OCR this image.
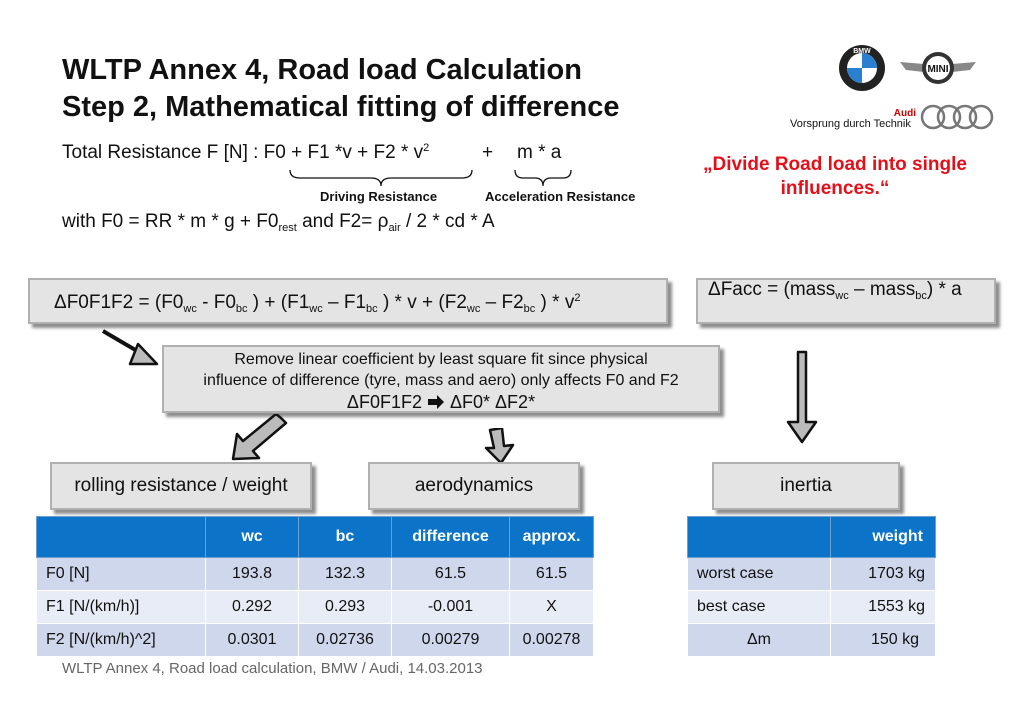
WLTP Annex 4, Road load Calculation
Step 2, Mathematical fitting of difference
BMW
MINI
Audi
Vorsprung durch Technik
Total Resistance F [N] : F0 + F1 $*v + F2 * v^2$	+ m * a
Driving Resistance	Acceleration Resistance
with F0 = RR * $m * g + F0_{rest}$ and $F2= \rho_{air} / 2$ * cd * A
„Divide Road load into single
influences.“
$\Delta F0F1F2 = (F0_{wc} - F0_{bc}$ ) + ($F1_{wc} - F1_{bc}$ ) * $v + (F2_{wc} - F2_{bc}$ ) * $v^2$	ΔFacc = (mass$_{wc}$ – mass$_{bc}$) * a
Remove linear coefficient by least square fit since physical
influence of difference (tyre, mass and aero) only affects F0 and F2
ΔF0F1F2 ΔF0* ΔF2*
rolling resistance / weight	aerodynamics	inertia
	wc	bc	difference	approx.
F0 [N]	193.8	132.3	61.5	61.5
F1 [N/(km/h)]	0.292	0.293	-0.001	X
F2 [N/(km/h)^2]	0.0301	0.02736	0.00279	0.00278
	weight
worst case	1703 kg
best case	1553 kg
Δm	150 kg
WLTP Annex 4, Road load calculation, BMW / Audi, 14.03.2013
